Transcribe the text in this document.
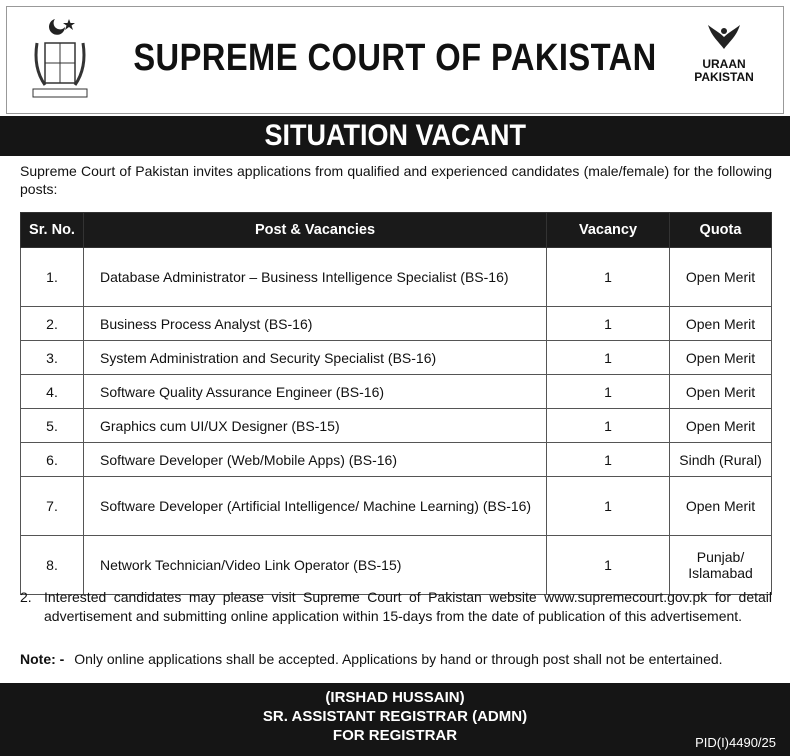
SUPREME COURT OF PAKISTAN	URAAN
PAKISTAN
SITUATION VACANT
Supreme Court of Pakistan invites applications from qualified and experienced candidates (male/female) for the following posts:
Sr. No.	Post & Vacancies	Vacancy	Quota
1.	Database Administrator – Business Intelligence Specialist (BS-16)	1	Open Merit
2.	Business Process Analyst (BS-16)	1	Open Merit
3.	System Administration and Security Specialist (BS-16)	1	Open Merit
4.	Software Quality Assurance Engineer (BS-16)	1	Open Merit
5.	Graphics cum UI/UX Designer (BS-15)	1	Open Merit
6.	Software Developer (Web/Mobile Apps) (BS-16)	1	Sindh (Rural)
7.	Software Developer (Artificial Intelligence/ Machine Learning) (BS-16)	1	Open Merit
8.	Network Technician/Video Link Operator (BS-15)	1	Punjab/ Islamabad
2. Interested candidates may please visit Supreme Court of Pakistan website www.supremecourt.gov.pk for detail advertisement and submitting online application within 15-days from the date of publication of this advertisement.
Note: - Only online applications shall be accepted. Applications by hand or through post shall not be entertained.
(IRSHAD HUSSAIN)
SR. ASSISTANT REGISTRAR (ADMN)
FOR REGISTRAR	PID(I)4490/25
